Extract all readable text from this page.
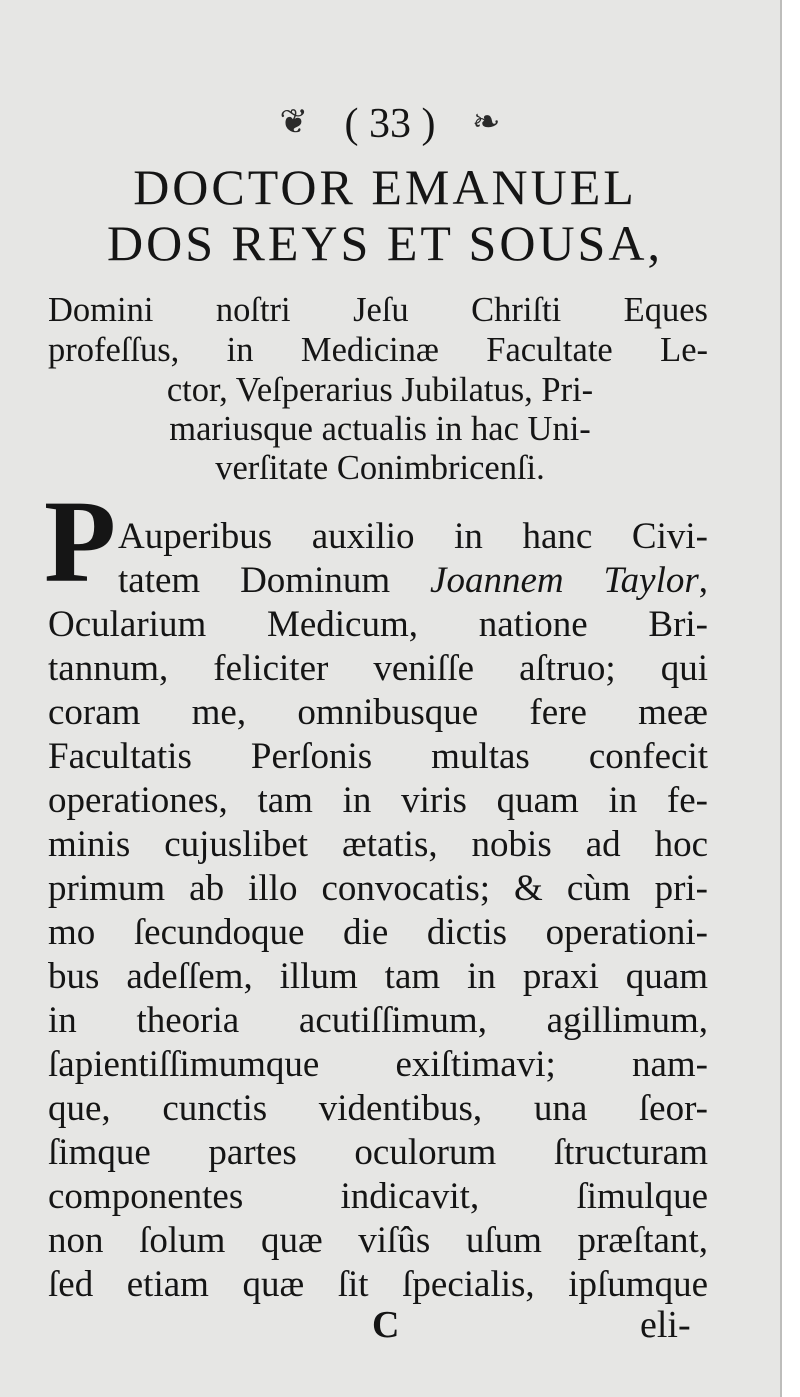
❦ ( 33 ) ❧
DOCTOR EMANUEL
DOS REYS ET SOUSA,
Domini noſtri Jeſu Chriſti Eques
profeſſus, in Medicinæ Facultate Le-
ctor, Veſperarius Jubilatus, Pri-
mariusque actualis in hac Uni-
verſitate Conimbricenſi.
P Auperibus auxilio in hanc Civi-
tatem Dominum Joannem Taylor,
Ocularium Medicum, natione Bri-
tannum, feliciter veniſſe aſtruo; qui
coram me, omnibusque fere meæ
Facultatis Perſonis multas confecit
operationes, tam in viris quam in fe-
minis cujuslibet ætatis, nobis ad hoc
primum ab illo convocatis; & cùm pri-
mo ſecundoque die dictis operationi-
bus adeſſem, illum tam in praxi quam
in theoria acutiſſimum, agillimum,
ſapientiſſimumque exiſtimavi; nam-
que, cunctis videntibus, una ſeor-
ſimque partes oculorum ſtructuram
componentes indicavit, ſimulque
non ſolum quæ viſûs uſum præſtant,
ſed etiam quæ ſit ſpecialis, ipſumque
C	eli-
